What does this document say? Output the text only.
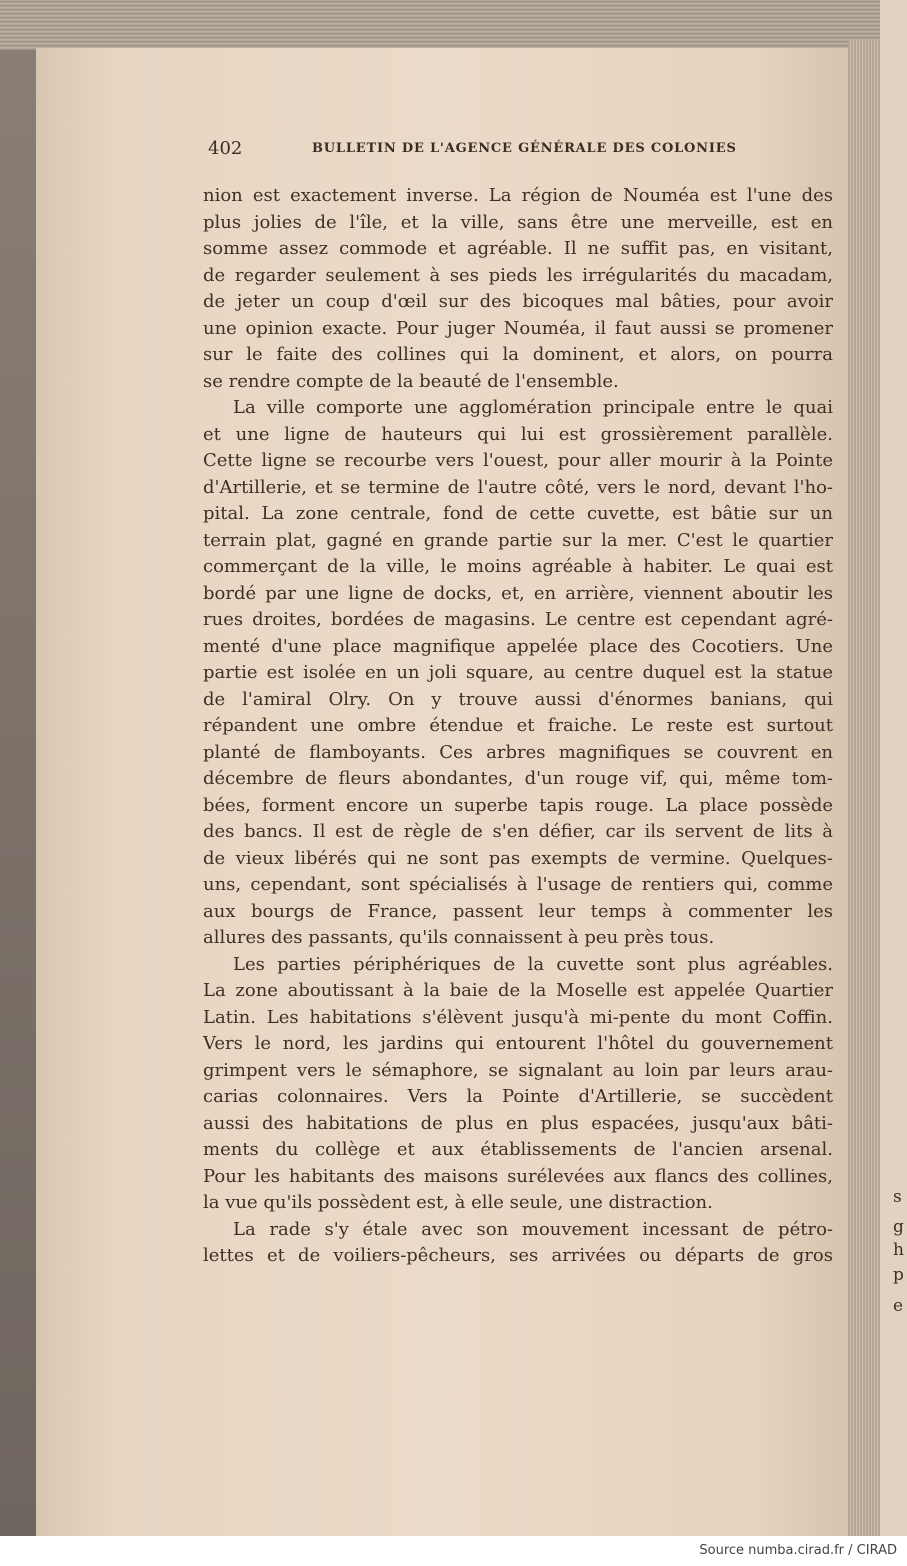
s
g
h
p
e
402	BULLETIN DE L'AGENCE GÉNÉRALE DES COLONIES
nion est exactement inverse. La région de Nouméa est l'une des
plus jolies de l'île, et la ville, sans être une merveille, est en
somme assez commode et agréable. Il ne suffit pas, en visitant,
de regarder seulement à ses pieds les irrégularités du macadam,
de jeter un coup d'œil sur des bicoques mal bâties, pour avoir
une opinion exacte. Pour juger Nouméa, il faut aussi se promener
sur le faite des collines qui la dominent, et alors, on pourra
se rendre compte de la beauté de l'ensemble.
La ville comporte une agglomération principale entre le quai
et une ligne de hauteurs qui lui est grossièrement parallèle.
Cette ligne se recourbe vers l'ouest, pour aller mourir à la Pointe
d'Artillerie, et se termine de l'autre côté, vers le nord, devant l'ho-
pital. La zone centrale, fond de cette cuvette, est bâtie sur un
terrain plat, gagné en grande partie sur la mer. C'est le quartier
commerçant de la ville, le moins agréable à habiter. Le quai est
bordé par une ligne de docks, et, en arrière, viennent aboutir les
rues droites, bordées de magasins. Le centre est cependant agré-
menté d'une place magnifique appelée place des Cocotiers. Une
partie est isolée en un joli square, au centre duquel est la statue
de l'amiral Olry. On y trouve aussi d'énormes banians, qui
répandent une ombre étendue et fraiche. Le reste est surtout
planté de flamboyants. Ces arbres magnifiques se couvrent en
décembre de fleurs abondantes, d'un rouge vif, qui, même tom-
bées, forment encore un superbe tapis rouge. La place possède
des bancs. Il est de règle de s'en défier, car ils servent de lits à
de vieux libérés qui ne sont pas exempts de vermine. Quelques-
uns, cependant, sont spécialisés à l'usage de rentiers qui, comme
aux bourgs de France, passent leur temps à commenter les
allures des passants, qu'ils connaissent à peu près tous.
Les parties périphériques de la cuvette sont plus agréables.
La zone aboutissant à la baie de la Moselle est appelée Quartier
Latin. Les habitations s'élèvent jusqu'à mi-pente du mont Coffin.
Vers le nord, les jardins qui entourent l'hôtel du gouvernement
grimpent vers le sémaphore, se signalant au loin par leurs arau-
carias colonnaires. Vers la Pointe d'Artillerie, se succèdent
aussi des habitations de plus en plus espacées, jusqu'aux bâti-
ments du collège et aux établissements de l'ancien arsenal.
Pour les habitants des maisons surélevées aux flancs des collines,
la vue qu'ils possèdent est, à elle seule, une distraction.
La rade s'y étale avec son mouvement incessant de pétro-
lettes et de voiliers-pêcheurs, ses arrivées ou départs de gros
Source numba.cirad.fr / CIRAD
